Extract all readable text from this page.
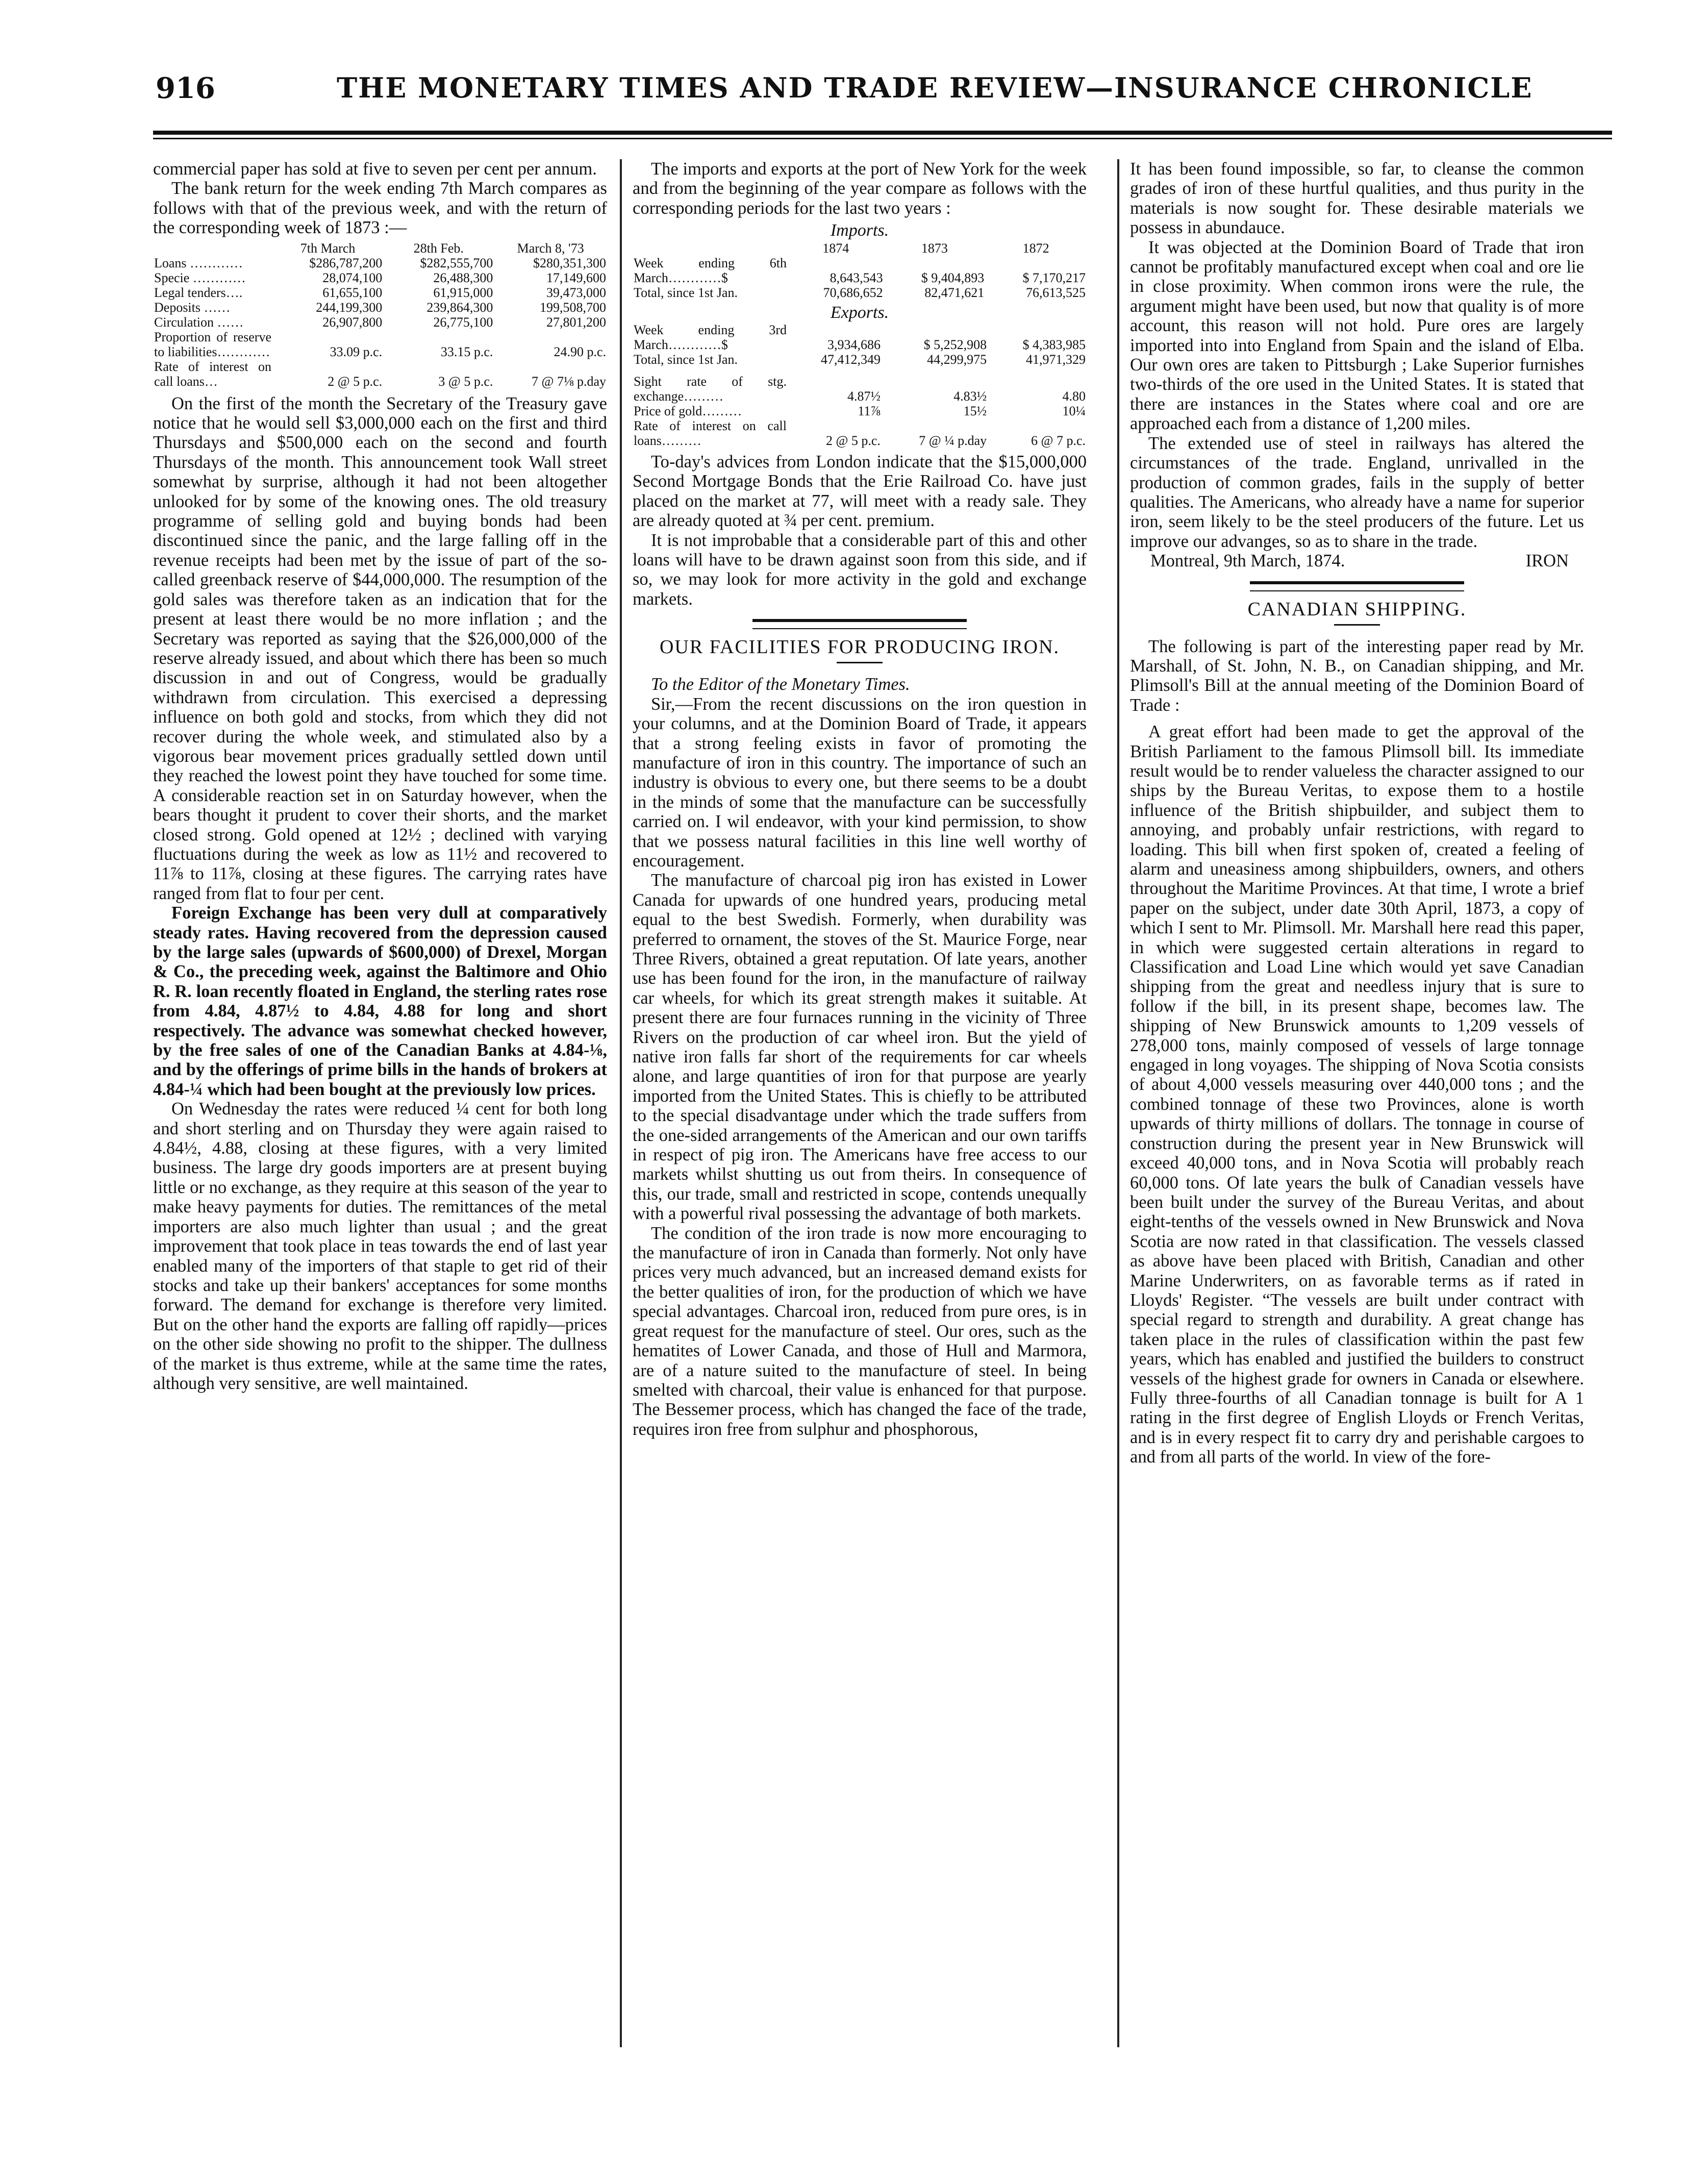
916	THE MONETARY TIMES AND TRADE REVIEW—INSURANCE CHRONICLE

commercial paper has sold at five to seven per cent per annum.

The bank return for the week ending 7th March compares as follows with that of the previous week, and with the return of the corresponding week of 1873 :—

	7th March	28th Feb.	March 8, '73
Loans …………	$286,787,200	$282,555,700	$280,351,300
Specie …………	28,074,100	26,488,300	17,149,600
Legal tenders….	61,655,100	61,915,000	39,473,000
Deposits ……	244,199,300	239,864,300	199,508,700
Circulation ……	26,907,800	26,775,100	27,801,200
Proportion of reserve to liabilities…………	33.09 p.c.	33.15 p.c.	24.90 p.c.
Rate of interest on call loans…	2 @ 5 p.c.	3 @ 5 p.c.	7 @ 7⅛ p.day

On the first of the month the Secretary of the Treasury gave notice that he would sell $3,000,000 each on the first and third Thursdays and $500,000 each on the second and fourth Thursdays of the month. This announcement took Wall street somewhat by surprise, although it had not been altogether unlooked for by some of the knowing ones. The old treasury programme of selling gold and buying bonds had been discontinued since the panic, and the large falling off in the revenue receipts had been met by the issue of part of the so-called greenback reserve of $44,000,000. The resumption of the gold sales was therefore taken as an indication that for the present at least there would be no more inflation ; and the Secretary was reported as saying that the $26,000,000 of the reserve already issued, and about which there has been so much discussion in and out of Congress, would be gradually withdrawn from circulation. This exercised a depressing influence on both gold and stocks, from which they did not recover during the whole week, and stimulated also by a vigorous bear movement prices gradually settled down until they reached the lowest point they have touched for some time. A considerable reaction set in on Saturday however, when the bears thought it prudent to cover their shorts, and the market closed strong. Gold opened at 12½ ; declined with varying fluctuations during the week as low as 11½ and recovered to 11⅞ to 11⅞, closing at these figures. The carrying rates have ranged from flat to four per cent.

Foreign Exchange has been very dull at comparatively steady rates. Having recovered from the depression caused by the large sales (upwards of $600,000) of Drexel, Morgan & Co., the preceding week, against the Baltimore and Ohio R. R. loan recently floated in England, the sterling rates rose from 4.84, 4.87½ to 4.84, 4.88 for long and short respectively. The advance was somewhat checked however, by the free sales of one of the Canadian Banks at 4.84-⅛, and by the offerings of prime bills in the hands of brokers at 4.84-¼ which had been bought at the previously low prices.

On Wednesday the rates were reduced ¼ cent for both long and short sterling and on Thursday they were again raised to 4.84½, 4.88, closing at these figures, with a very limited business. The large dry goods importers are at present buying little or no exchange, as they require at this season of the year to make heavy payments for duties. The remittances of the metal importers are also much lighter than usual ; and the great improvement that took place in teas towards the end of last year enabled many of the importers of that staple to get rid of their stocks and take up their bankers' acceptances for some months forward. The demand for exchange is therefore very limited. But on the other hand the exports are falling off rapidly—prices on the other side showing no profit to the shipper. The dullness of the market is thus extreme, while at the same time the rates, although very sensitive, are well maintained.

The imports and exports at the port of New York for the week and from the beginning of the year compare as follows with the corresponding periods for the last two years :

Imports.
	1874	1873	1872
Week ending 6th March…………$	8,643,543	$ 9,404,893	$ 7,170,217
Total, since 1st Jan.	70,686,652	82,471,621	76,613,525
Exports.
Week ending 3rd March…………$	3,934,686	$ 5,252,908	$ 4,383,985
Total, since 1st Jan.	47,412,349	44,299,975	41,971,329
Sight rate of stg. exchange………	4.87½	4.83½	4.80
Price of gold………	11⅞	15½	10¼
Rate of interest on call loans………	2 @ 5 p.c.	7 @ ¼ p.day	6 @ 7 p.c.

To-day's advices from London indicate that the $15,000,000 Second Mortgage Bonds that the Erie Railroad Co. have just placed on the market at 77, will meet with a ready sale. They are already quoted at ¾ per cent. premium.

It is not improbable that a considerable part of this and other loans will have to be drawn against soon from this side, and if so, we may look for more activity in the gold and exchange markets.

OUR FACILITIES FOR PRODUCING IRON.

To the Editor of the Monetary Times.

Sir,—From the recent discussions on the iron question in your columns, and at the Dominion Board of Trade, it appears that a strong feeling exists in favor of promoting the manufacture of iron in this country. The importance of such an industry is obvious to every one, but there seems to be a doubt in the minds of some that the manufacture can be successfully carried on. I wil endeavor, with your kind permission, to show that we possess natural facilities in this line well worthy of encouragement.

The manufacture of charcoal pig iron has existed in Lower Canada for upwards of one hundred years, producing metal equal to the best Swedish. Formerly, when durability was preferred to ornament, the stoves of the St. Maurice Forge, near Three Rivers, obtained a great reputation. Of late years, another use has been found for the iron, in the manufacture of railway car wheels, for which its great strength makes it suitable. At present there are four furnaces running in the vicinity of Three Rivers on the production of car wheel iron. But the yield of native iron falls far short of the requirements for car wheels alone, and large quantities of iron for that purpose are yearly imported from the United States. This is chiefly to be attributed to the special disadvantage under which the trade suffers from the one-sided arrangements of the American and our own tariffs in respect of pig iron. The Americans have free access to our markets whilst shutting us out from theirs. In consequence of this, our trade, small and restricted in scope, contends unequally with a powerful rival possessing the advantage of both markets.

The condition of the iron trade is now more encouraging to the manufacture of iron in Canada than formerly. Not only have prices very much advanced, but an increased demand exists for the better qualities of iron, for the production of which we have special advantages. Charcoal iron, reduced from pure ores, is in great request for the manufacture of steel. Our ores, such as the hematites of Lower Canada, and those of Hull and Marmora, are of a nature suited to the manufacture of steel. In being smelted with charcoal, their value is enhanced for that purpose. The Bessemer process, which has changed the face of the trade, requires iron free from sulphur and phosphorous,

It has been found impossible, so far, to cleanse the common grades of iron of these hurtful qualities, and thus purity in the materials is now sought for. These desirable materials we possess in abundauce.

It was objected at the Dominion Board of Trade that iron cannot be profitably manufactured except when coal and ore lie in close proximity. When common irons were the rule, the argument might have been used, but now that quality is of more account, this reason will not hold. Pure ores are largely imported into into England from Spain and the island of Elba. Our own ores are taken to Pittsburgh ; Lake Superior furnishes two-thirds of the ore used in the United States. It is stated that there are instances in the States where coal and ore are approached each from a distance of 1,200 miles.

The extended use of steel in railways has altered the circumstances of the trade. England, unrivalled in the production of common grades, fails in the supply of better qualities. The Americans, who already have a name for superior iron, seem likely to be the steel producers of the future. Let us improve our advanges, so as to share in the trade.

Montreal, 9th March, 1874.	IRON
CANADIAN SHIPPING.

The following is part of the interesting paper read by Mr. Marshall, of St. John, N. B., on Canadian shipping, and Mr. Plimsoll's Bill at the annual meeting of the Dominion Board of Trade :

A great effort had been made to get the approval of the British Parliament to the famous Plimsoll bill. Its immediate result would be to render valueless the character assigned to our ships by the Bureau Veritas, to expose them to a hostile influence of the British shipbuilder, and subject them to annoying, and probably unfair restrictions, with regard to loading. This bill when first spoken of, created a feeling of alarm and uneasiness among shipbuilders, owners, and others throughout the Maritime Provinces. At that time, I wrote a brief paper on the subject, under date 30th April, 1873, a copy of which I sent to Mr. Plimsoll. Mr. Marshall here read this paper, in which were suggested certain alterations in regard to Classification and Load Line which would yet save Canadian shipping from the great and needless injury that is sure to follow if the bill, in its present shape, becomes law. The shipping of New Brunswick amounts to 1,209 vessels of 278,000 tons, mainly composed of vessels of large tonnage engaged in long voyages. The shipping of Nova Scotia consists of about 4,000 vessels measuring over 440,000 tons ; and the combined tonnage of these two Provinces, alone is worth upwards of thirty millions of dollars. The tonnage in course of construction during the present year in New Brunswick will exceed 40,000 tons, and in Nova Scotia will probably reach 60,000 tons. Of late years the bulk of Canadian vessels have been built under the survey of the Bureau Veritas, and about eight-tenths of the vessels owned in New Brunswick and Nova Scotia are now rated in that classification. The vessels classed as above have been placed with British, Canadian and other Marine Underwriters, on as favorable terms as if rated in Lloyds' Register. “The vessels are built under contract with special regard to strength and durability. A great change has taken place in the rules of classification within the past few years, which has enabled and justified the builders to construct vessels of the highest grade for owners in Canada or elsewhere. Fully three-fourths of all Canadian tonnage is built for A 1 rating in the first degree of English Lloyds or French Veritas, and is in every respect fit to carry dry and perishable cargoes to and from all parts of the world. In view of the fore-
